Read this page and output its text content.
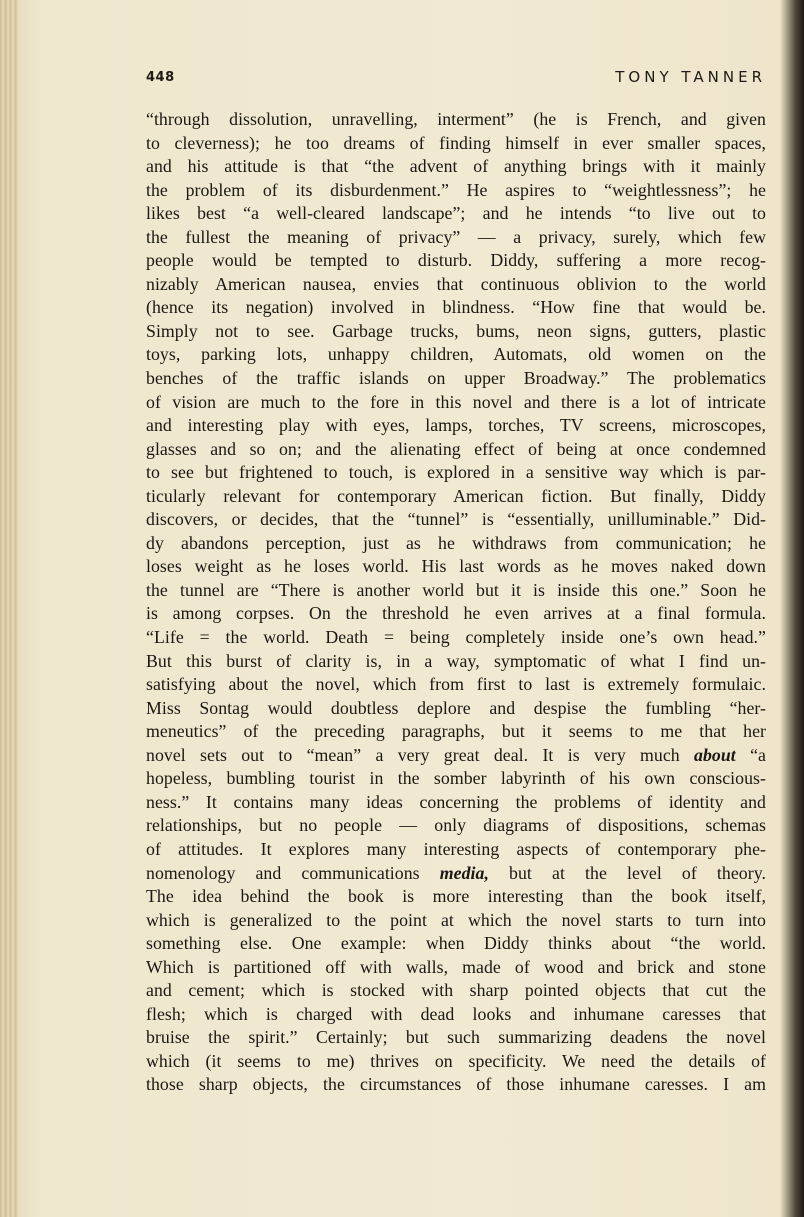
448	TONY TANNER
“through dissolution, unravelling, interment” (he is French, and given
to cleverness); he too dreams of finding himself in ever smaller spaces,
and his attitude is that “the advent of anything brings with it mainly
the problem of its disburdenment.” He aspires to “weightlessness”; he
likes best “a well-cleared landscape”; and he intends “to live out to
the fullest the meaning of privacy” — a privacy, surely, which few
people would be tempted to disturb. Diddy, suffering a more recog-
nizably American nausea, envies that continuous oblivion to the world
(hence its negation) involved in blindness. “How fine that would be.
Simply not to see. Garbage trucks, bums, neon signs, gutters, plastic
toys, parking lots, unhappy children, Automats, old women on the
benches of the traffic islands on upper Broadway.” The problematics
of vision are much to the fore in this novel and there is a lot of intricate
and interesting play with eyes, lamps, torches, TV screens, microscopes,
glasses and so on; and the alienating effect of being at once condemned
to see but frightened to touch, is explored in a sensitive way which is par-
ticularly relevant for contemporary American fiction. But finally, Diddy
discovers, or decides, that the “tunnel” is “essentially, unilluminable.” Did-
dy abandons perception, just as he withdraws from communication; he
loses weight as he loses world. His last words as he moves naked down
the tunnel are “There is another world but it is inside this one.” Soon he
is among corpses. On the threshold he even arrives at a final formula.
“Life = the world. Death = being completely inside one’s own head.”
But this burst of clarity is, in a way, symptomatic of what I find un-
satisfying about the novel, which from first to last is extremely formulaic.
Miss Sontag would doubtless deplore and despise the fumbling “her-
meneutics” of the preceding paragraphs, but it seems to me that her
novel sets out to “mean” a very great deal. It is very much about “a
hopeless, bumbling tourist in the somber labyrinth of his own conscious-
ness.” It contains many ideas concerning the problems of identity and
relationships, but no people — only diagrams of dispositions, schemas
of attitudes. It explores many interesting aspects of contemporary phe-
nomenology and communications media, but at the level of theory.
The idea behind the book is more interesting than the book itself,
which is generalized to the point at which the novel starts to turn into
something else. One example: when Diddy thinks about “the world.
Which is partitioned off with walls, made of wood and brick and stone
and cement; which is stocked with sharp pointed objects that cut the
flesh; which is charged with dead looks and inhumane caresses that
bruise the spirit.” Certainly; but such summarizing deadens the novel
which (it seems to me) thrives on specificity. We need the details of
those sharp objects, the circumstances of those inhumane caresses. I am
